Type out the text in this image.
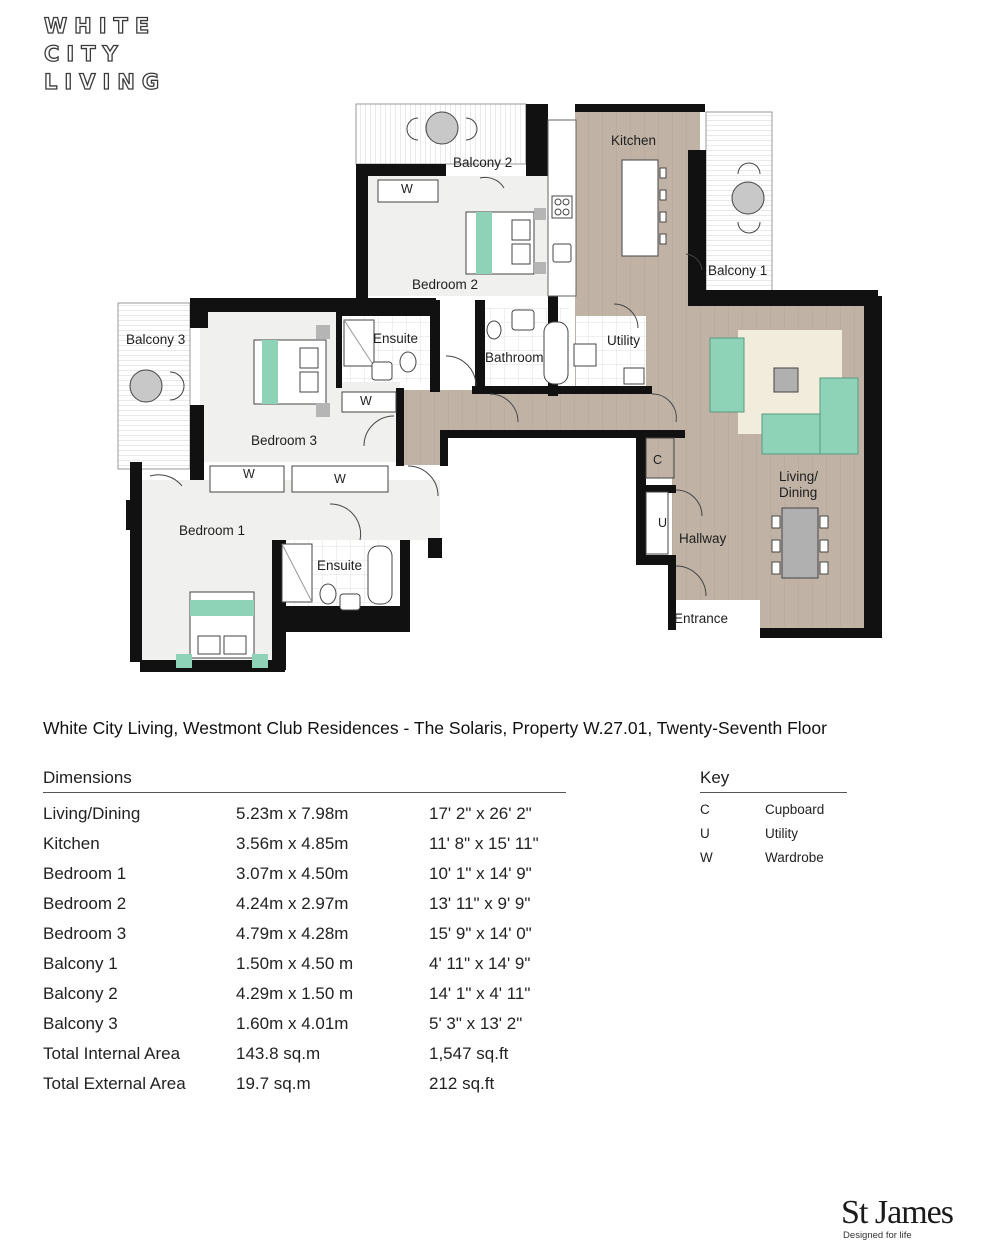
WHITE
CITY
LIVING
Kitchen
Balcony 2
Balcony 1
Bedroom 2
Balcony 3	Ensuite
Bathroom
Utility
Bedroom 3
Living/
Dining
Bedroom 1
Ensuite
Hallway
Entrance
W
W
W	W
C
U
White City Living, Westmont Club Residences - The Solaris, Property W.27.01, Twenty-Seventh Floor
Dimensions
Living/Dining	5.23m x 7.98m	17' 2" x 26' 2"
Kitchen	3.56m x 4.85m	11' 8" x 15' 11"
Bedroom 1	3.07m x 4.50m	10' 1" x 14' 9"
Bedroom 2	4.24m x 2.97m	13' 11" x 9' 9"
Bedroom 3	4.79m x 4.28m	15' 9" x 14' 0"
Balcony 1	1.50m x 4.50 m	4' 11" x 14' 9"
Balcony 2	4.29m x 1.50 m	14' 1" x 4' 11"
Balcony 3	1.60m x 4.01m	5' 3" x 13' 2"
Total Internal Area	143.8 sq.m	1,547 sq.ft
Total External Area	19.7 sq.m	212 sq.ft
Key
C	Cupboard
U	Utility
W	Wardrobe
St James
Designed for life
